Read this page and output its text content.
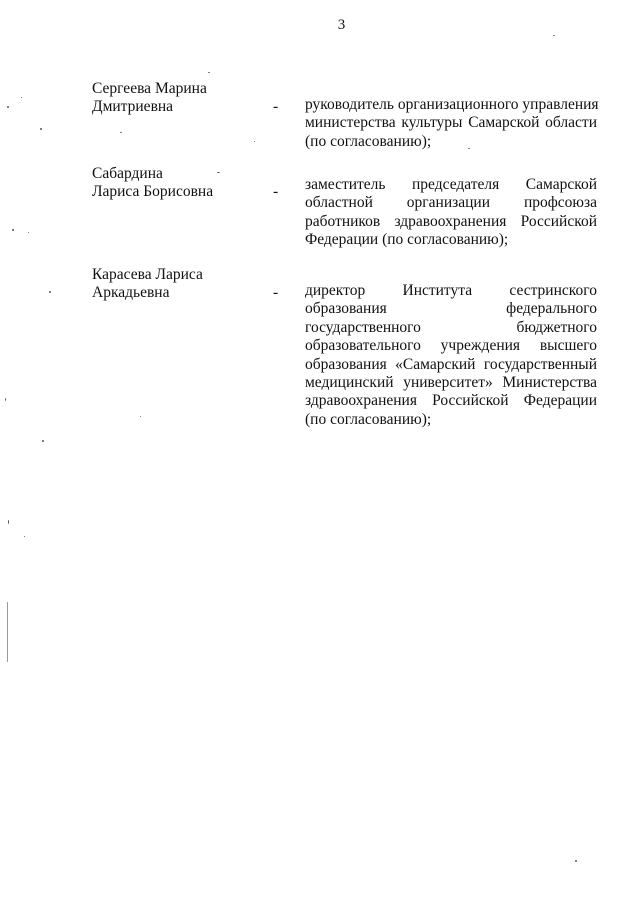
3
Сергеева Марина
Дмитриевна	- руководитель организационного управления
министерства культуры Самарской области
(по согласованию);
Сабардина
Лариса Борисовна	- заместитель председателя Самарской
областной организации профсоюза
работников здравоохранения Российской
Федерации (по согласованию);
Карасева Лариса
Аркадьевна	- директор Института сестринского
образования федерального
государственного бюджетного
образовательного учреждения высшего
образования «Самарский государственный
медицинский университет» Министерства
здравоохранения Российской Федерации
(по согласованию);
